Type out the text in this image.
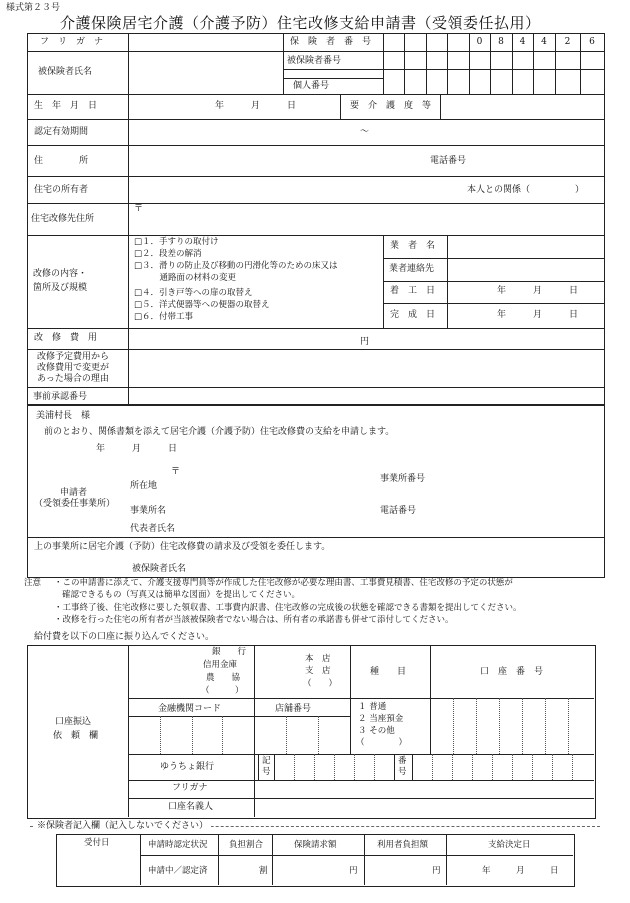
様式第２３号
介護保険居宅介護（介護予防）住宅改修支給申請書（受領委任払用）
フ　リ　ガ　ナ	保　険　者　番　号	0	8	4	4	2	6
被保険者氏名
被保険者番号
個人番号
生　年　月　日	年　　　月　　　日	要　介　護　度　等
認定有効期間	〜
住　　　　所	電話番号
住宅の所有者	本人との関係（　　　　　）
住宅改修先住所
〒
改修の内容・
箇所及び規模
□１．手すりの取付け
□２．段差の解消
□３．滑りの防止及び移動の円滑化等のための床又は
　　　通路面の材料の変更
□４．引き戸等への扉の取替え
□５．洋式便器等への便器の取替え
□６．付帯工事
業　者　名
業者連絡先
着　工　日	年　　　月　　　日
完　成　日	年　　　月　　　日
改　修　費　用	円
改修予定費用から
改修費用で変更が
あった場合の理由
事前承認番号
美浦村長　様
前のとおり、関係書類を添えて居宅介護（介護予防）住宅改修費の支給を申請します。
年　　　月　　　日
〒
申請者
（受領委任事業所）
所在地
事業所番号
事業所名	電話番号
代表者氏名
上の事業所に居宅介護（予防）住宅改修費の請求及び受領を委任します。
被保険者氏名
注意 ・この申請書に添えて、介護支援専門員等が作成した住宅改修が必要な理由書、工事費見積書、住宅改修の予定の状態が
確認できるもの（写真又は簡単な図面）を提出してください。
・工事終了後、住宅改修に要した領収書、工事費内訳書、住宅改修の完成後の状態を確認できる書類を提出してください。
・改修を行った住宅の所有者が当該被保険者でない場合は、所有者の承諾書も併せて添付してください。
給付費を以下の口座に振り込んでください。
口座振込
依　頼　欄
銀　　行
信用金庫
農　　協
（　　　）
本　店
支　店
（　　）
種　　目	口　座　番　号
金融機関コード	店舗番号	１ 普通
２ 当座預金
３ その他
（　　　　）
ゆうちょ銀行
記
号
番
号
フリガナ
口座名義人
※保険者記入欄（記入しないでください）
受付日	申請時認定状況	負担割合	保険請求額	利用者負担額	支給決定日
申請中／認定済	割	円	円	年　　　月　　　日
